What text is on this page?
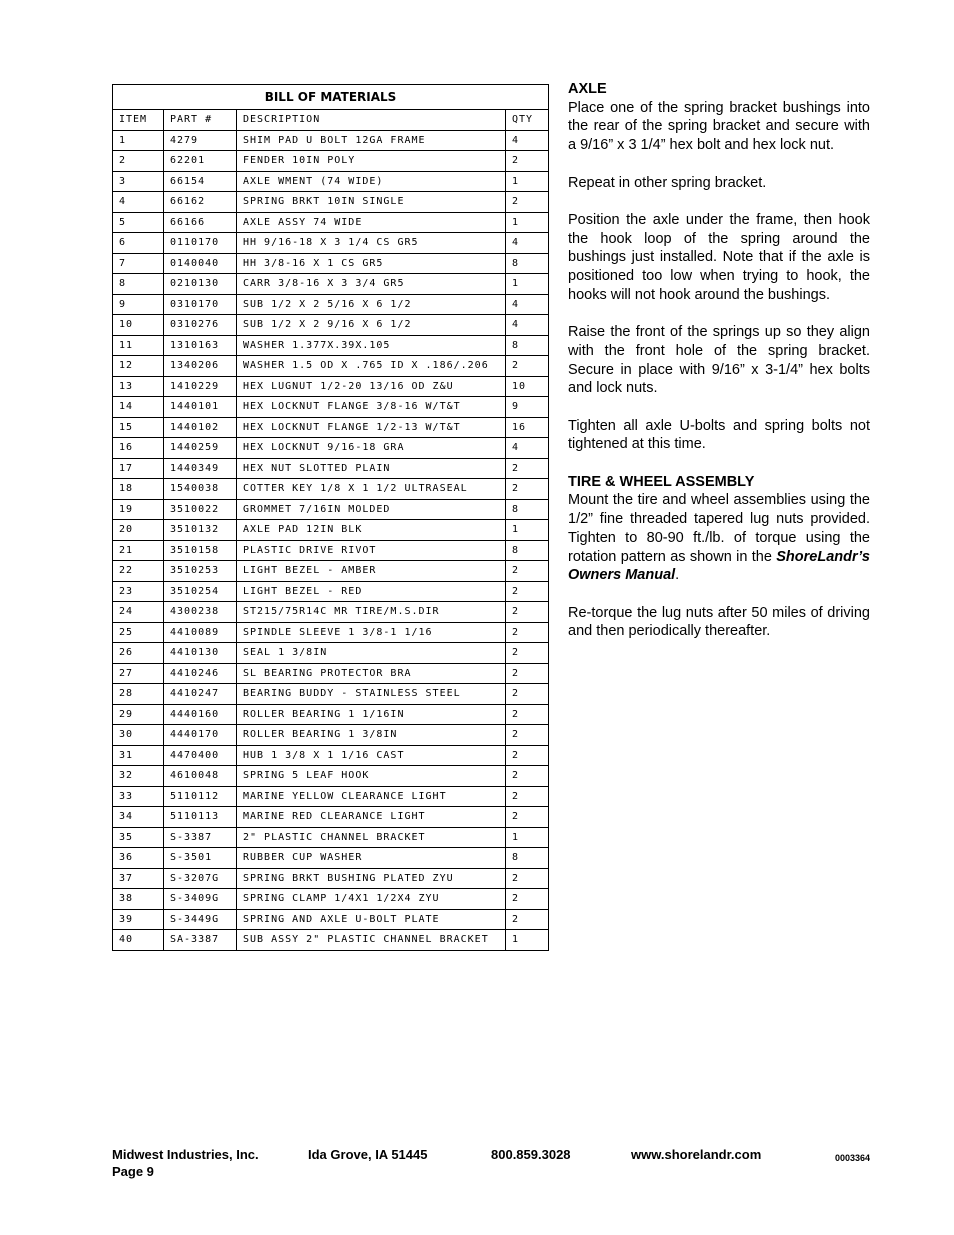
BILL OF MATERIALS			
ITEM	PART #	DESCRIPTION	QTY
1	4279	SHIM PAD U BOLT 12GA FRAME	4
2	62201	FENDER 10IN POLY	2
3	66154	AXLE WMENT (74 WIDE)	1
4	66162	SPRING BRKT 10IN SINGLE	2
5	66166	AXLE ASSY 74 WIDE	1
6	0110170	HH 9/16-18 X 3 1/4 CS GR5	4
7	0140040	HH 3/8-16 X 1 CS GR5	8
8	0210130	CARR 3/8-16 X 3 3/4 GR5	1
9	0310170	SUB 1/2 X 2 5/16 X 6 1/2	4
10	0310276	SUB 1/2 X 2 9/16 X 6 1/2	4
11	1310163	WASHER 1.377X.39X.105	8
12	1340206	WASHER 1.5 OD X .765 ID X .186/.206	2
13	1410229	HEX LUGNUT 1/2-20 13/16 OD Z&U	10
14	1440101	HEX LOCKNUT FLANGE 3/8-16 W/T&T	9
15	1440102	HEX LOCKNUT FLANGE 1/2-13 W/T&T	16
16	1440259	HEX LOCKNUT 9/16-18 GRA	4
17	1440349	HEX NUT SLOTTED PLAIN	2
18	1540038	COTTER KEY 1/8 X 1 1/2 ULTRASEAL	2
19	3510022	GROMMET 7/16IN MOLDED	8
20	3510132	AXLE PAD 12IN BLK	1
21	3510158	PLASTIC DRIVE RIVOT	8
22	3510253	LIGHT BEZEL - AMBER	2
23	3510254	LIGHT BEZEL - RED	2
24	4300238	ST215/75R14C MR TIRE/M.S.DIR	2
25	4410089	SPINDLE SLEEVE 1 3/8-1 1/16	2
26	4410130	SEAL 1 3/8IN	2
27	4410246	SL BEARING PROTECTOR BRA	2
28	4410247	BEARING BUDDY - STAINLESS STEEL	2
29	4440160	ROLLER BEARING 1 1/16IN	2
30	4440170	ROLLER BEARING 1 3/8IN	2
31	4470400	HUB 1 3/8 X 1 1/16 CAST	2
32	4610048	SPRING 5 LEAF HOOK	2
33	5110112	MARINE YELLOW CLEARANCE LIGHT	2
34	5110113	MARINE RED CLEARANCE LIGHT	2
35	S-3387	2" PLASTIC CHANNEL BRACKET	1
36	S-3501	RUBBER CUP WASHER	8
37	S-3207G	SPRING BRKT BUSHING PLATED ZYU	2
38	S-3409G	SPRING CLAMP 1/4X1 1/2X4 ZYU	2
39	S-3449G	SPRING AND AXLE U-BOLT PLATE	2
40	SA-3387	SUB ASSY 2" PLASTIC CHANNEL BRACKET	1
AXLE

Place one of the spring bracket bushings into the rear of the spring bracket and secure with a 9/16” x 3 1/4” hex bolt and hex lock nut.

Repeat in other spring bracket.

Position the axle under the frame, then hook the hook loop of the spring around the bushings just installed. Note that if the axle is positioned too low when trying to hook, the hooks will not hook around the bushings.

Raise the front of the springs up so they align with the front hole of the spring bracket. Secure in place with 9/16” x 3-1/4” hex bolts and lock nuts.

Tighten all axle U-bolts and spring bolts not tightened at this time.

TIRE & WHEEL ASSEMBLY

Mount the tire and wheel assemblies using the 1/2” fine threaded tapered lug nuts provided. Tighten to 80-90 ft./lb. of torque using the rotation pattern as shown in the ShoreLandr’s Owners Manual.

Re-torque the lug nuts after 50 miles of driving and then periodically thereafter.

Midwest Industries, Inc.	Ida Grove, IA 51445	800.859.3028	www.shorelandr.com	0003364
Page 9
